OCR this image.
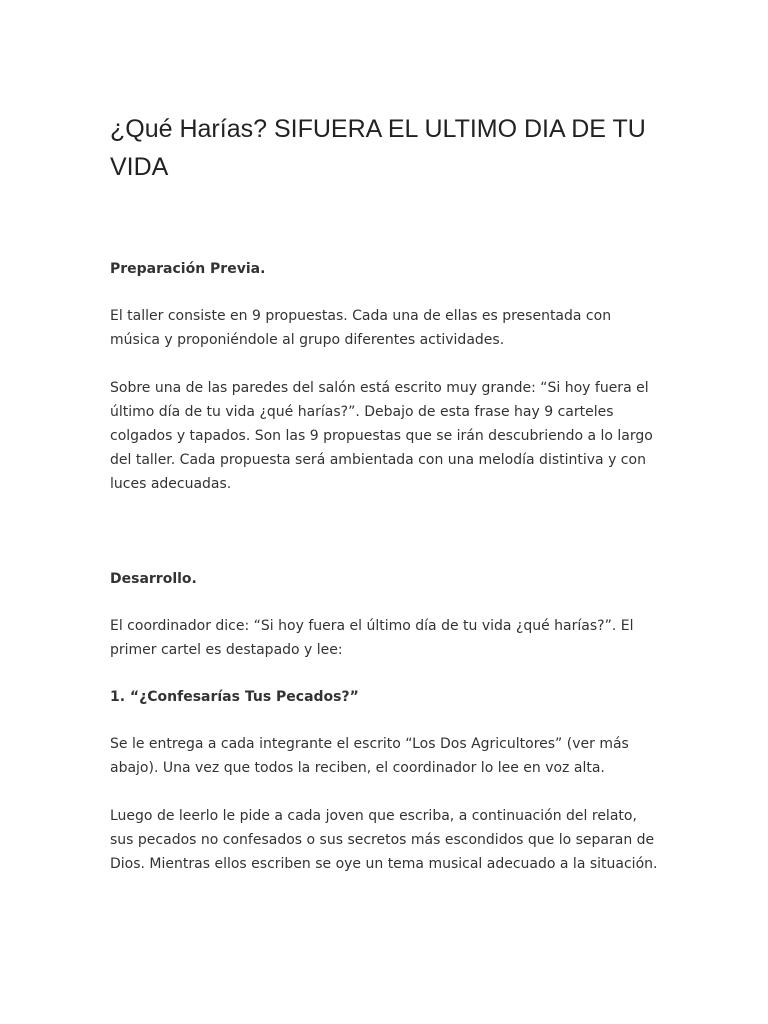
¿Qué Harías? SIFUERA EL ULTIMO DIA DE TU VIDA
Preparación Previa.

El taller consiste en 9 propuestas. Cada una de ellas es presentada con música y proponiéndole al grupo diferentes actividades.

Sobre una de las paredes del salón está escrito muy grande: “Si hoy fuera el último día de tu vida ¿qué harías?”. Debajo de esta frase hay 9 carteles colgados y tapados. Son las 9 propuestas que se irán descubriendo a lo largo del taller. Cada propuesta será ambientada con una melodía distintiva y con luces adecuadas.

Desarrollo.

El coordinador dice: “Si hoy fuera el último día de tu vida ¿qué harías?”. El primer cartel es destapado y lee:

1. “¿Confesarías Tus Pecados?”

Se le entrega a cada integrante el escrito “Los Dos Agricultores” (ver más abajo). Una vez que todos la reciben, el coordinador lo lee en voz alta.

Luego de leerlo le pide a cada joven que escriba, a continuación del relato, sus pecados no confesados o sus secretos más escondidos que lo separan de Dios. Mientras ellos escriben se oye un tema musical adecuado a la situación.
